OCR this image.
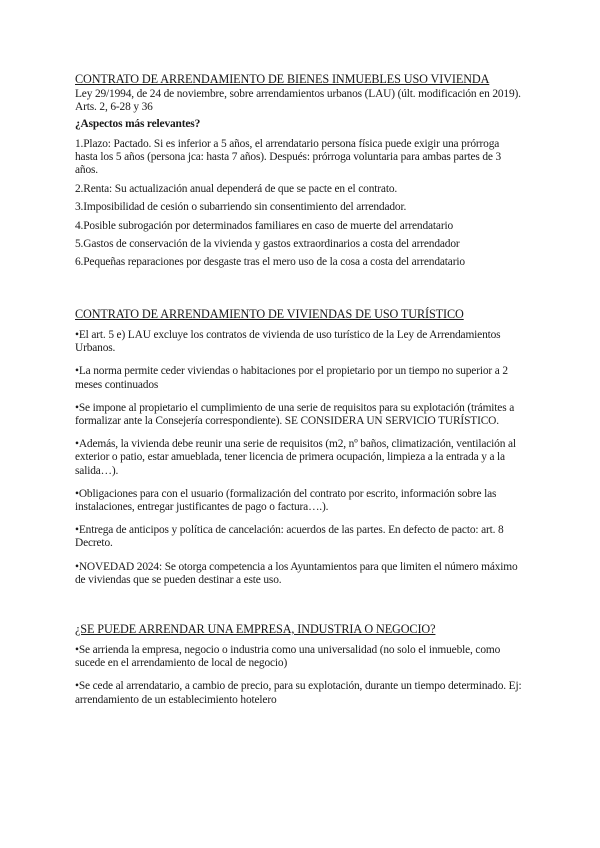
CONTRATO DE ARRENDAMIENTO DE BIENES INMUEBLES USO VIVIENDA
Ley 29/1994, de 24 de noviembre, sobre arrendamientos urbanos (LAU) (últ. modificación en 2019). Arts. 2, 6-28 y 36
¿Aspectos más relevantes?
1.Plazo: Pactado. Si es inferior a 5 años, el arrendatario persona física puede exigir una prórroga hasta los 5 años (persona jca: hasta 7 años). Después: prórroga voluntaria para ambas partes de 3 años.
2.Renta: Su actualización anual dependerá de que se pacte en el contrato.
3.Imposibilidad de cesión o subarriendo sin consentimiento del arrendador.
4.Posible subrogación por determinados familiares en caso de muerte del arrendatario
5.Gastos de conservación de la vivienda y gastos extraordinarios a costa del arrendador
6.Pequeñas reparaciones por desgaste tras el mero uso de la cosa a costa del arrendatario
CONTRATO DE ARRENDAMIENTO DE VIVIENDAS DE USO TURÍSTICO
•El art. 5 e) LAU excluye los contratos de vivienda de uso turístico de la Ley de Arrendamientos Urbanos.
•La norma permite ceder viviendas o habitaciones por el propietario por un tiempo no superior a 2 meses continuados
•Se impone al propietario el cumplimiento de una serie de requisitos para su explotación (trámites a formalizar ante la Consejería correspondiente). SE CONSIDERA UN SERVICIO TURÍSTICO.
•Además, la vivienda debe reunir una serie de requisitos (m2, nº baños, climatización, ventilación al exterior o patio, estar amueblada, tener licencia de primera ocupación, limpieza a la entrada y a la salida…).
•Obligaciones para con el usuario (formalización del contrato por escrito, información sobre las instalaciones, entregar justificantes de pago o factura….).
•Entrega de anticipos y política de cancelación: acuerdos de las partes. En defecto de pacto: art. 8 Decreto.
•NOVEDAD 2024: Se otorga competencia a los Ayuntamientos para que limiten el número máximo de viviendas que se pueden destinar a este uso.
¿SE PUEDE ARRENDAR UNA EMPRESA, INDUSTRIA O NEGOCIO?
•Se arrienda la empresa, negocio o industria como una universalidad (no solo el inmueble, como sucede en el arrendamiento de local de negocio)
•Se cede al arrendatario, a cambio de precio, para su explotación, durante un tiempo determinado. Ej: arrendamiento de un establecimiento hotelero
